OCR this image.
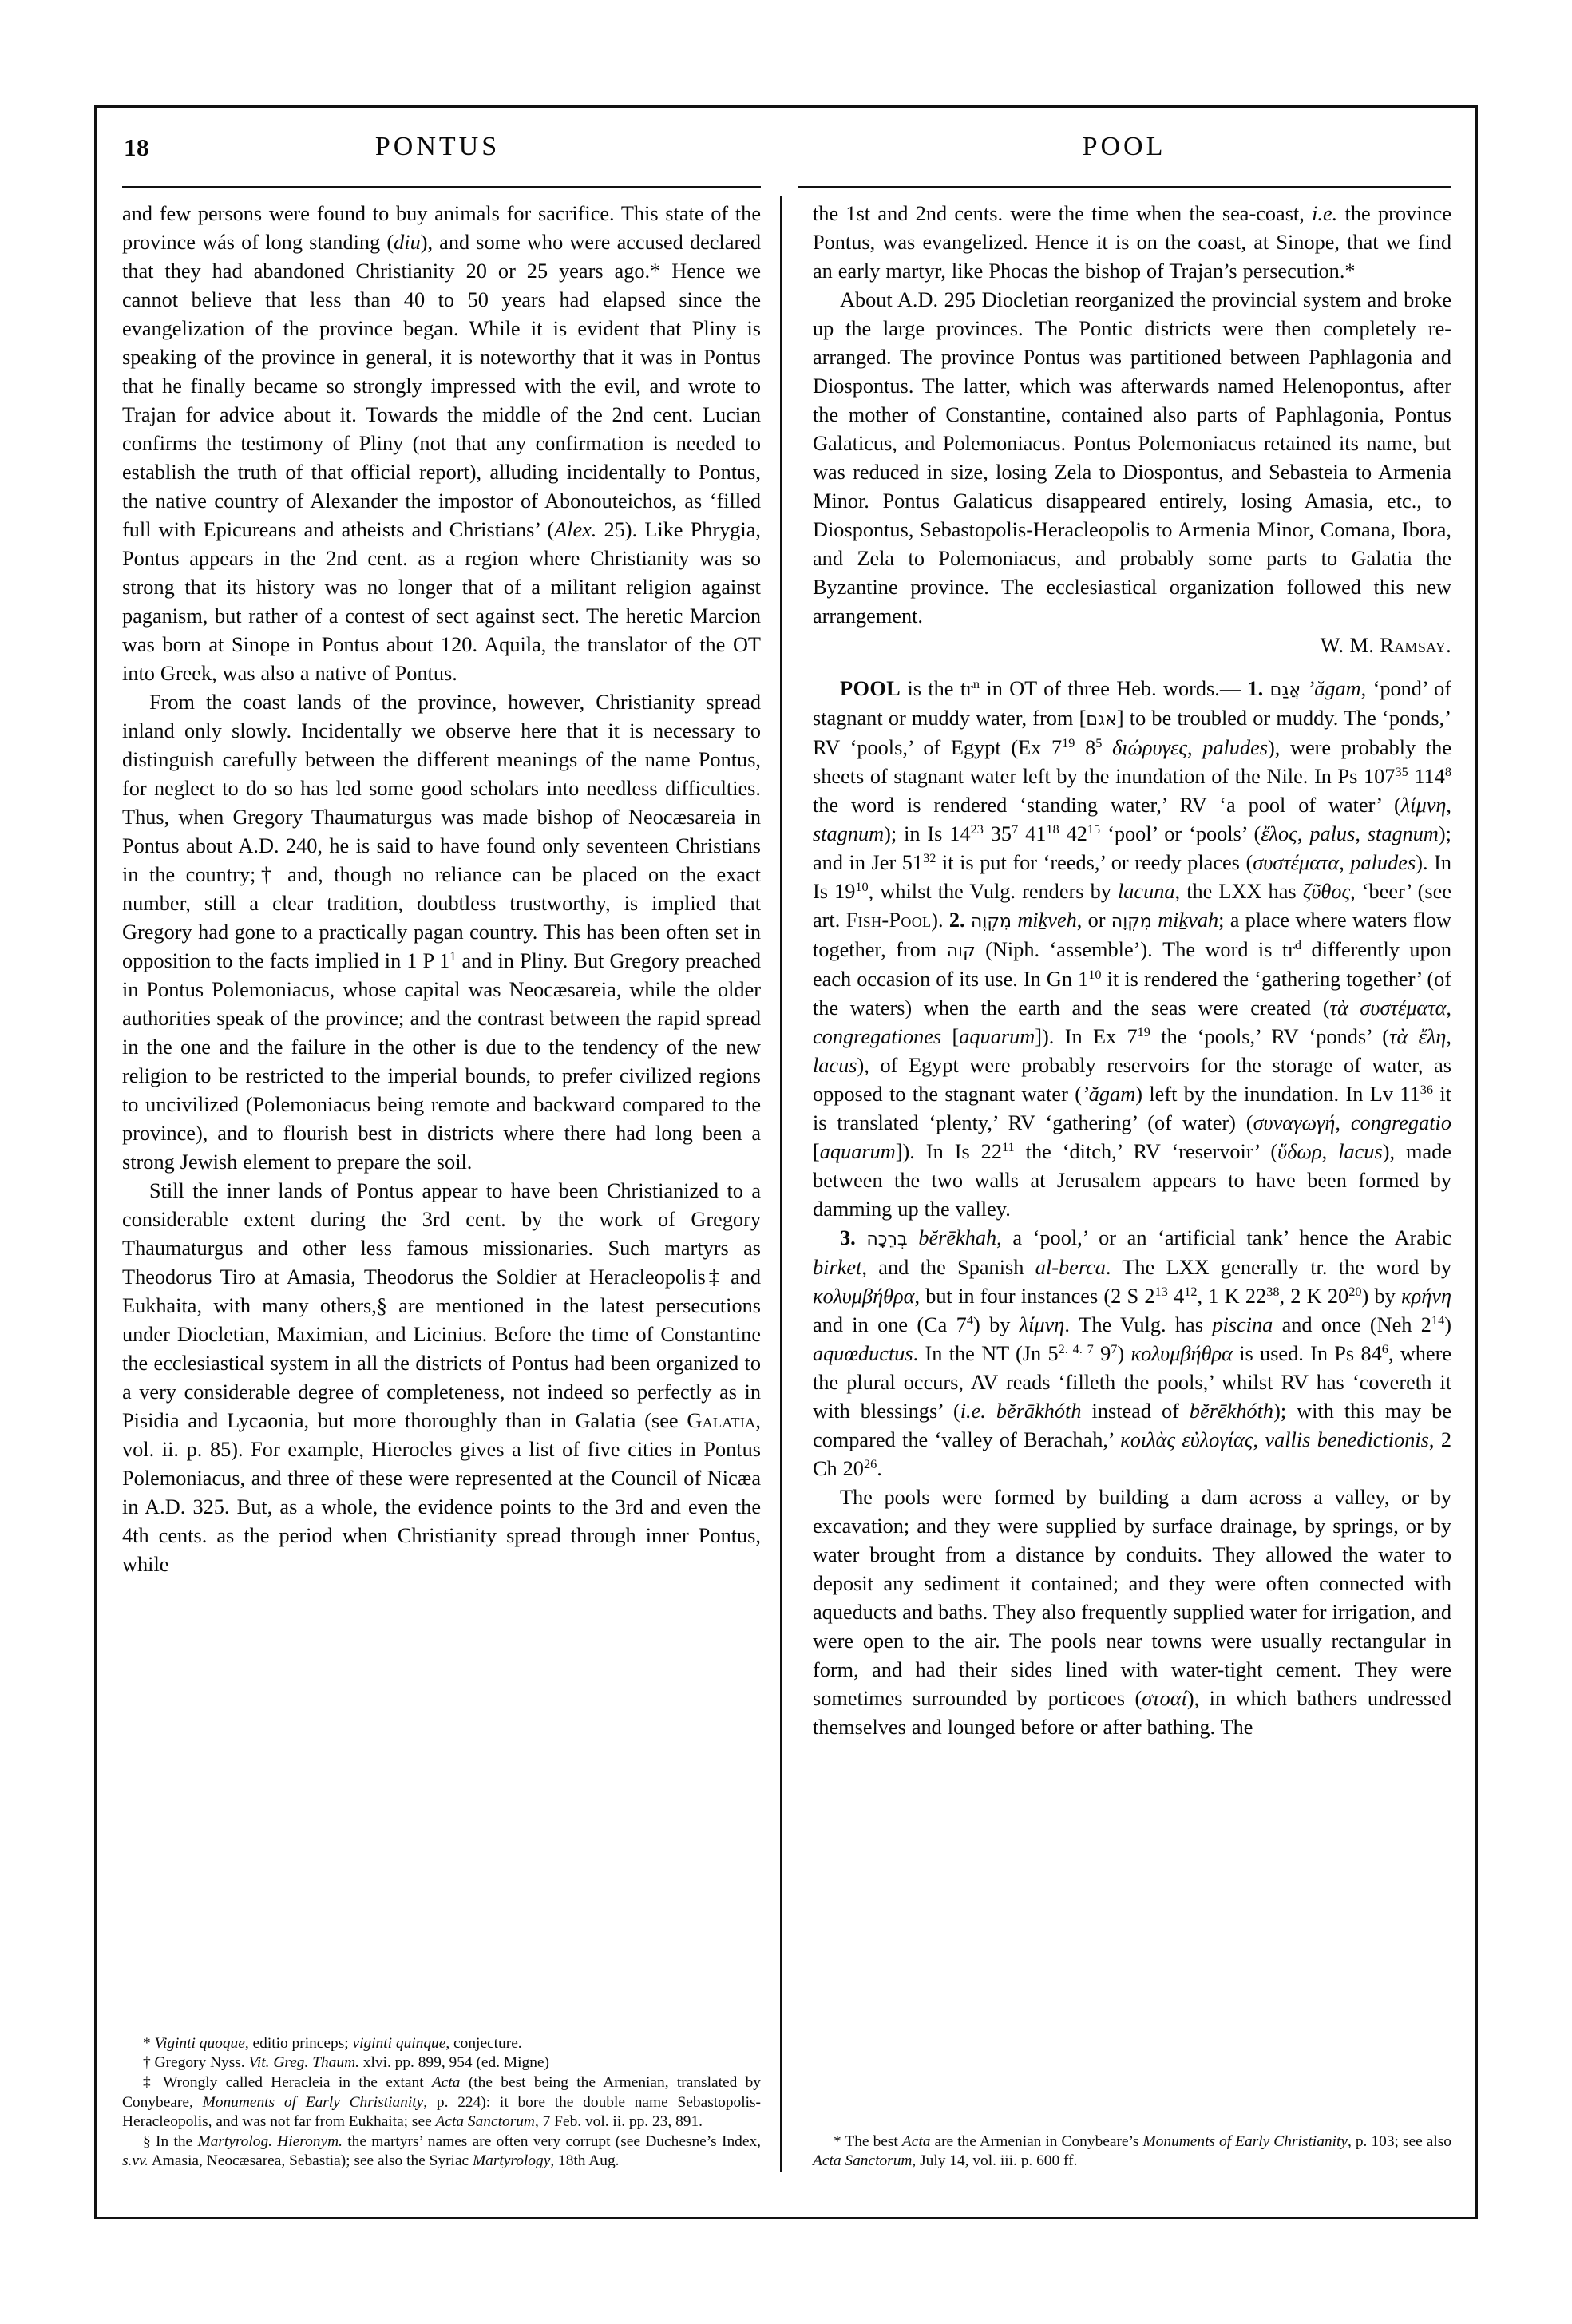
18	PONTUS	POOL

and few persons were found to buy animals for sacrifice. This state of the province wás of long standing (diu), and some who were accused declared that they had abandoned Christianity 20 or 25 years ago.* Hence we cannot believe that less than 40 to 50 years had elapsed since the evangelization of the province began. While it is evident that Pliny is speaking of the province in general, it is noteworthy that it was in Pontus that he finally became so strongly impressed with the evil, and wrote to Trajan for advice about it. Towards the middle of the 2nd cent. Lucian confirms the testimony of Pliny (not that any confirmation is needed to establish the truth of that official report), alluding incidentally to Pontus, the native country of Alexander the impostor of Abonouteichos, as ‘filled full with Epicureans and atheists and Christians’ (Alex. 25). Like Phrygia, Pontus appears in the 2nd cent. as a region where Christianity was so strong that its history was no longer that of a militant religion against paganism, but rather of a contest of sect against sect. The heretic Marcion was born at Sinope in Pontus about 120. Aquila, the translator of the OT into Greek, was also a native of Pontus.

From the coast lands of the province, however, Christianity spread inland only slowly. Incidentally we observe here that it is necessary to distinguish carefully between the different meanings of the name Pontus, for neglect to do so has led some good scholars into needless difficulties. Thus, when Gregory Thaumaturgus was made bishop of Neocæsareia in Pontus about A.D. 240, he is said to have found only seventeen Christians in the country;† and, though no reliance can be placed on the exact number, still a clear tradition, doubtless trustworthy, is implied that Gregory had gone to a practically pagan country. This has been often set in opposition to the facts implied in 1 P $1^1$ and in Pliny. But Gregory preached in Pontus Polemoniacus, whose capital was Neocæsareia, while the older authorities speak of the province; and the contrast between the rapid spread in the one and the failure in the other is due to the tendency of the new religion to be restricted to the imperial bounds, to prefer civilized regions to uncivilized (Polemoniacus being remote and backward compared to the province), and to flourish best in districts where there had long been a strong Jewish element to prepare the soil.

Still the inner lands of Pontus appear to have been Christianized to a considerable extent during the 3rd cent. by the work of Gregory Thaumaturgus and other less famous missionaries. Such martyrs as Theodorus Tiro at Amasia, Theodorus the Soldier at Heracleopolis‡ and Eukhaita, with many others,§ are mentioned in the latest persecutions under Diocletian, Maximian, and Licinius. Before the time of Constantine the ecclesiastical system in all the districts of Pontus had been organized to a very considerable degree of completeness, not indeed so perfectly as in Pisidia and Lycaonia, but more thoroughly than in Galatia (see Galatia, vol. ii. p. 85). For example, Hierocles gives a list of five cities in Pontus Polemoniacus, and three of these were represented at the Council of Nicæa in A.D. 325. But, as a whole, the evidence points to the 3rd and even the 4th cents. as the period when Christianity spread through inner Pontus, while

* Viginti quoque, editio princeps; viginti quinque, conjecture.

† Gregory Nyss. Vit. Greg. Thaum. xlvi. pp. 899, 954 (ed. Migne)

‡ Wrongly called Heracleia in the extant Acta (the best being the Armenian, translated by Conybeare, Monuments of Early Christianity, p. 224): it bore the double name Sebastopolis-Heracleopolis, and was not far from Eukhaita; see Acta Sanctorum, 7 Feb. vol. ii. pp. 23, 891.

§ In the Martyrolog. Hieronym. the martyrs’ names are often very corrupt (see Duchesne’s Index, s.vv. Amasia, Neocæsarea, Sebastia); see also the Syriac Martyrology, 18th Aug.

the 1st and 2nd cents. were the time when the sea-coast, i.e. the province Pontus, was evangelized. Hence it is on the coast, at Sinope, that we find an early martyr, like Phocas the bishop of Trajan’s persecution.*

About A.D. 295 Diocletian reorganized the provincial system and broke up the large provinces. The Pontic districts were then completely re-arranged. The province Pontus was partitioned between Paphlagonia and Diospontus. The latter, which was afterwards named Helenopontus, after the mother of Constantine, contained also parts of Paphlagonia, Pontus Galaticus, and Polemoniacus. Pontus Polemoniacus retained its name, but was reduced in size, losing Zela to Diospontus, and Sebasteia to Armenia Minor. Pontus Galaticus disappeared entirely, losing Amasia, etc., to Diospontus, Sebastopolis-Heracleopolis to Armenia Minor, Comana, Ibora, and Zela to Polemoniacus, and probably some parts to Galatia the Byzantine province. The ecclesiastical organization followed this new arrangement.

W. M. Ramsay.

POOL is the $tr^n$ in OT of three Heb. words.— 1. אֲגַם ’ăgam, ‘pond’ of stagnant or muddy water, from [אגם] to be troubled or muddy. The ‘ponds,’ RV ‘pools,’ of Egypt (Ex $7^{19}$ $8^5$ διώρυγες, paludes), were probably the sheets of stagnant water left by the inundation of the Nile. In Ps $107^{35}$ $114^8$ the word is rendered ‘standing water,’ RV ‘a pool of water’ (λίμνη, stagnum); in Is $14^{23}$ $35^7$ $41^{18}$ $42^{15}$ ‘pool’ or ‘pools’ (ἔλος, palus, stagnum); and in Jer $51^{32}$ it is put for ‘reeds,’ or reedy places (συστέματα, paludes). In Is $19^{10}$, whilst the Vulg. renders by lacuna, the LXX has ζῦθος, ‘beer’ (see art. Fish-Pool). 2. מִקְוֶה miḵveh, or מִקְוָה miḵvah; a place where waters flow together, from קוה (Niph. ‘assemble’). The word is $tr^d$ differently upon each occasion of its use. In Gn $1^{10}$ it is rendered the ‘gathering together’ (of the waters) when the earth and the seas were created (τὰ συστέματα, congregationes [aquarum]). In Ex $7^{19}$ the ‘pools,’ RV ‘ponds’ (τὰ ἔλη, lacus), of Egypt were probably reservoirs for the storage of water, as opposed to the stagnant water (’ăgam) left by the inundation. In Lv $11^{36}$ it is translated ‘plenty,’ RV ‘gathering’ (of water) (συναγωγή, congregatio [aquarum]). In Is $22^{11}$ the ‘ditch,’ RV ‘reservoir’ (ὕδωρ, lacus), made between the two walls at Jerusalem appears to have been formed by damming up the valley.

3. בְרֵכָה bĕrēkhah, a ‘pool,’ or an ‘artificial tank’ hence the Arabic birket, and the Spanish al-berca. The LXX generally tr. the word by κολυμβήθρα, but in four instances (2 S $2^{13}$ $4^{12}$, 1 K $22^{38}$, 2 K $20^{20}$) by κρήνη and in one (Ca $7^4$) by λίμνη. The Vulg. has piscina and once (Neh $2^{14}$) aquœductus. In the NT (Jn $5^{2. 4. 7}$ $9^7$) κολυμβήθρα is used. In Ps $84^6$, where the plural occurs, AV reads ‘filleth the pools,’ whilst RV has ‘covereth it with blessings’ (i.e. bĕrākhóth instead of bĕrēkhóth); with this may be compared the ‘valley of Berachah,’ κοιλὰς εὐλογίας, vallis benedictionis, 2 Ch $20^{26}$.

The pools were formed by building a dam across a valley, or by excavation; and they were supplied by surface drainage, by springs, or by water brought from a distance by conduits. They allowed the water to deposit any sediment it contained; and they were often connected with aqueducts and baths. They also frequently supplied water for irrigation, and were open to the air. The pools near towns were usually rectangular in form, and had their sides lined with water-tight cement. They were sometimes surrounded by porticoes (στοαί), in which bathers undressed themselves and lounged before or after bathing. The

* The best Acta are the Armenian in Conybeare’s Monuments of Early Christianity, p. 103; see also Acta Sanctorum, July 14, vol. iii. p. 600 ff.
